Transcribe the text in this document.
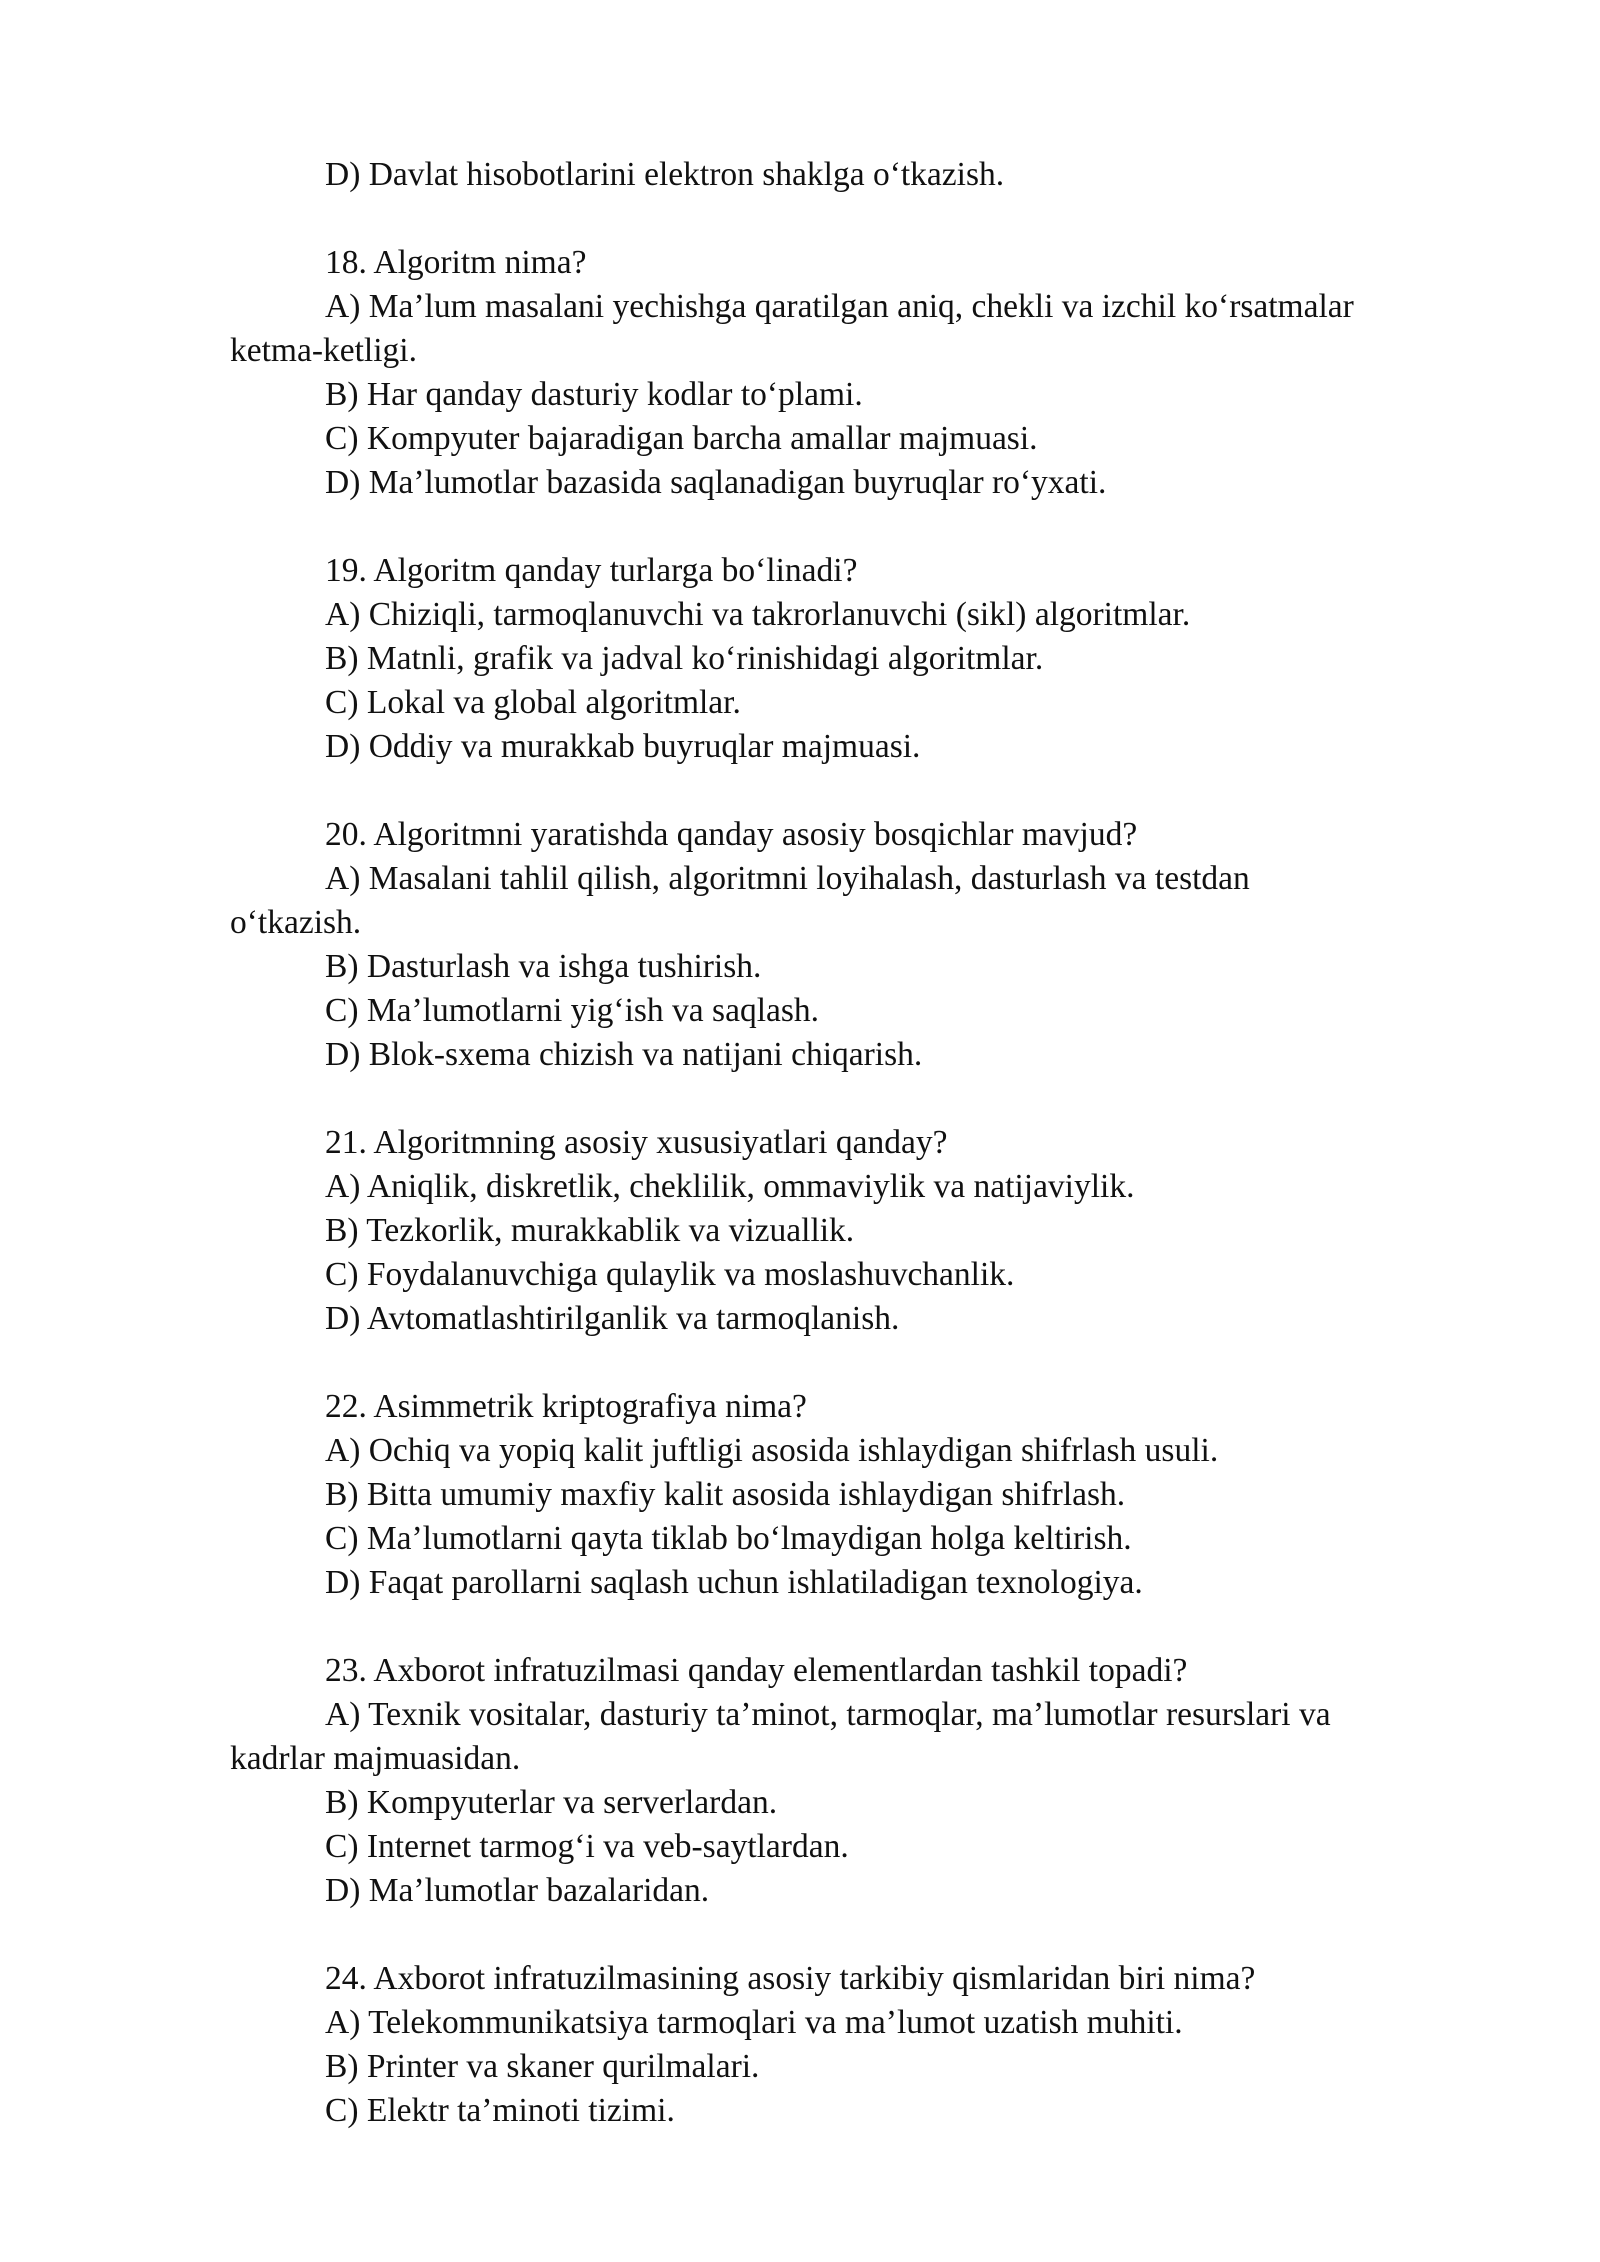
D) Davlat hisobotlarini elektron shaklga o‘tkazish.

18. Algoritm nima?

A) Ma’lum masalani yechishga qaratilgan aniq, chekli va izchil ko‘rsatmalar

ketma-ketligi.

B) Har qanday dasturiy kodlar to‘plami.

C) Kompyuter bajaradigan barcha amallar majmuasi.

D) Ma’lumotlar bazasida saqlanadigan buyruqlar ro‘yxati.

19. Algoritm qanday turlarga bo‘linadi?

A) Chiziqli, tarmoqlanuvchi va takrorlanuvchi (sikl) algoritmlar.

B) Matnli, grafik va jadval ko‘rinishidagi algoritmlar.

C) Lokal va global algoritmlar.

D) Oddiy va murakkab buyruqlar majmuasi.

20. Algoritmni yaratishda qanday asosiy bosqichlar mavjud?

A) Masalani tahlil qilish, algoritmni loyihalash, dasturlash va testdan

o‘tkazish.

B) Dasturlash va ishga tushirish.

C) Ma’lumotlarni yig‘ish va saqlash.

D) Blok-sxema chizish va natijani chiqarish.

21. Algoritmning asosiy xususiyatlari qanday?

A) Aniqlik, diskretlik, cheklilik, ommaviylik va natijaviylik.

B) Tezkorlik, murakkablik va vizuallik.

C) Foydalanuvchiga qulaylik va moslashuvchanlik.

D) Avtomatlashtirilganlik va tarmoqlanish.

22. Asimmetrik kriptografiya nima?

A) Ochiq va yopiq kalit juftligi asosida ishlaydigan shifrlash usuli.

B) Bitta umumiy maxfiy kalit asosida ishlaydigan shifrlash.

C) Ma’lumotlarni qayta tiklab bo‘lmaydigan holga keltirish.

D) Faqat parollarni saqlash uchun ishlatiladigan texnologiya.

23. Axborot infratuzilmasi qanday elementlardan tashkil topadi?

A) Texnik vositalar, dasturiy ta’minot, tarmoqlar, ma’lumotlar resurslari va

kadrlar majmuasidan.

B) Kompyuterlar va serverlardan.

C) Internet tarmog‘i va veb-saytlardan.

D) Ma’lumotlar bazalaridan.

24. Axborot infratuzilmasining asosiy tarkibiy qismlaridan biri nima?

A) Telekommunikatsiya tarmoqlari va ma’lumot uzatish muhiti.

B) Printer va skaner qurilmalari.

C) Elektr ta’minoti tizimi.
